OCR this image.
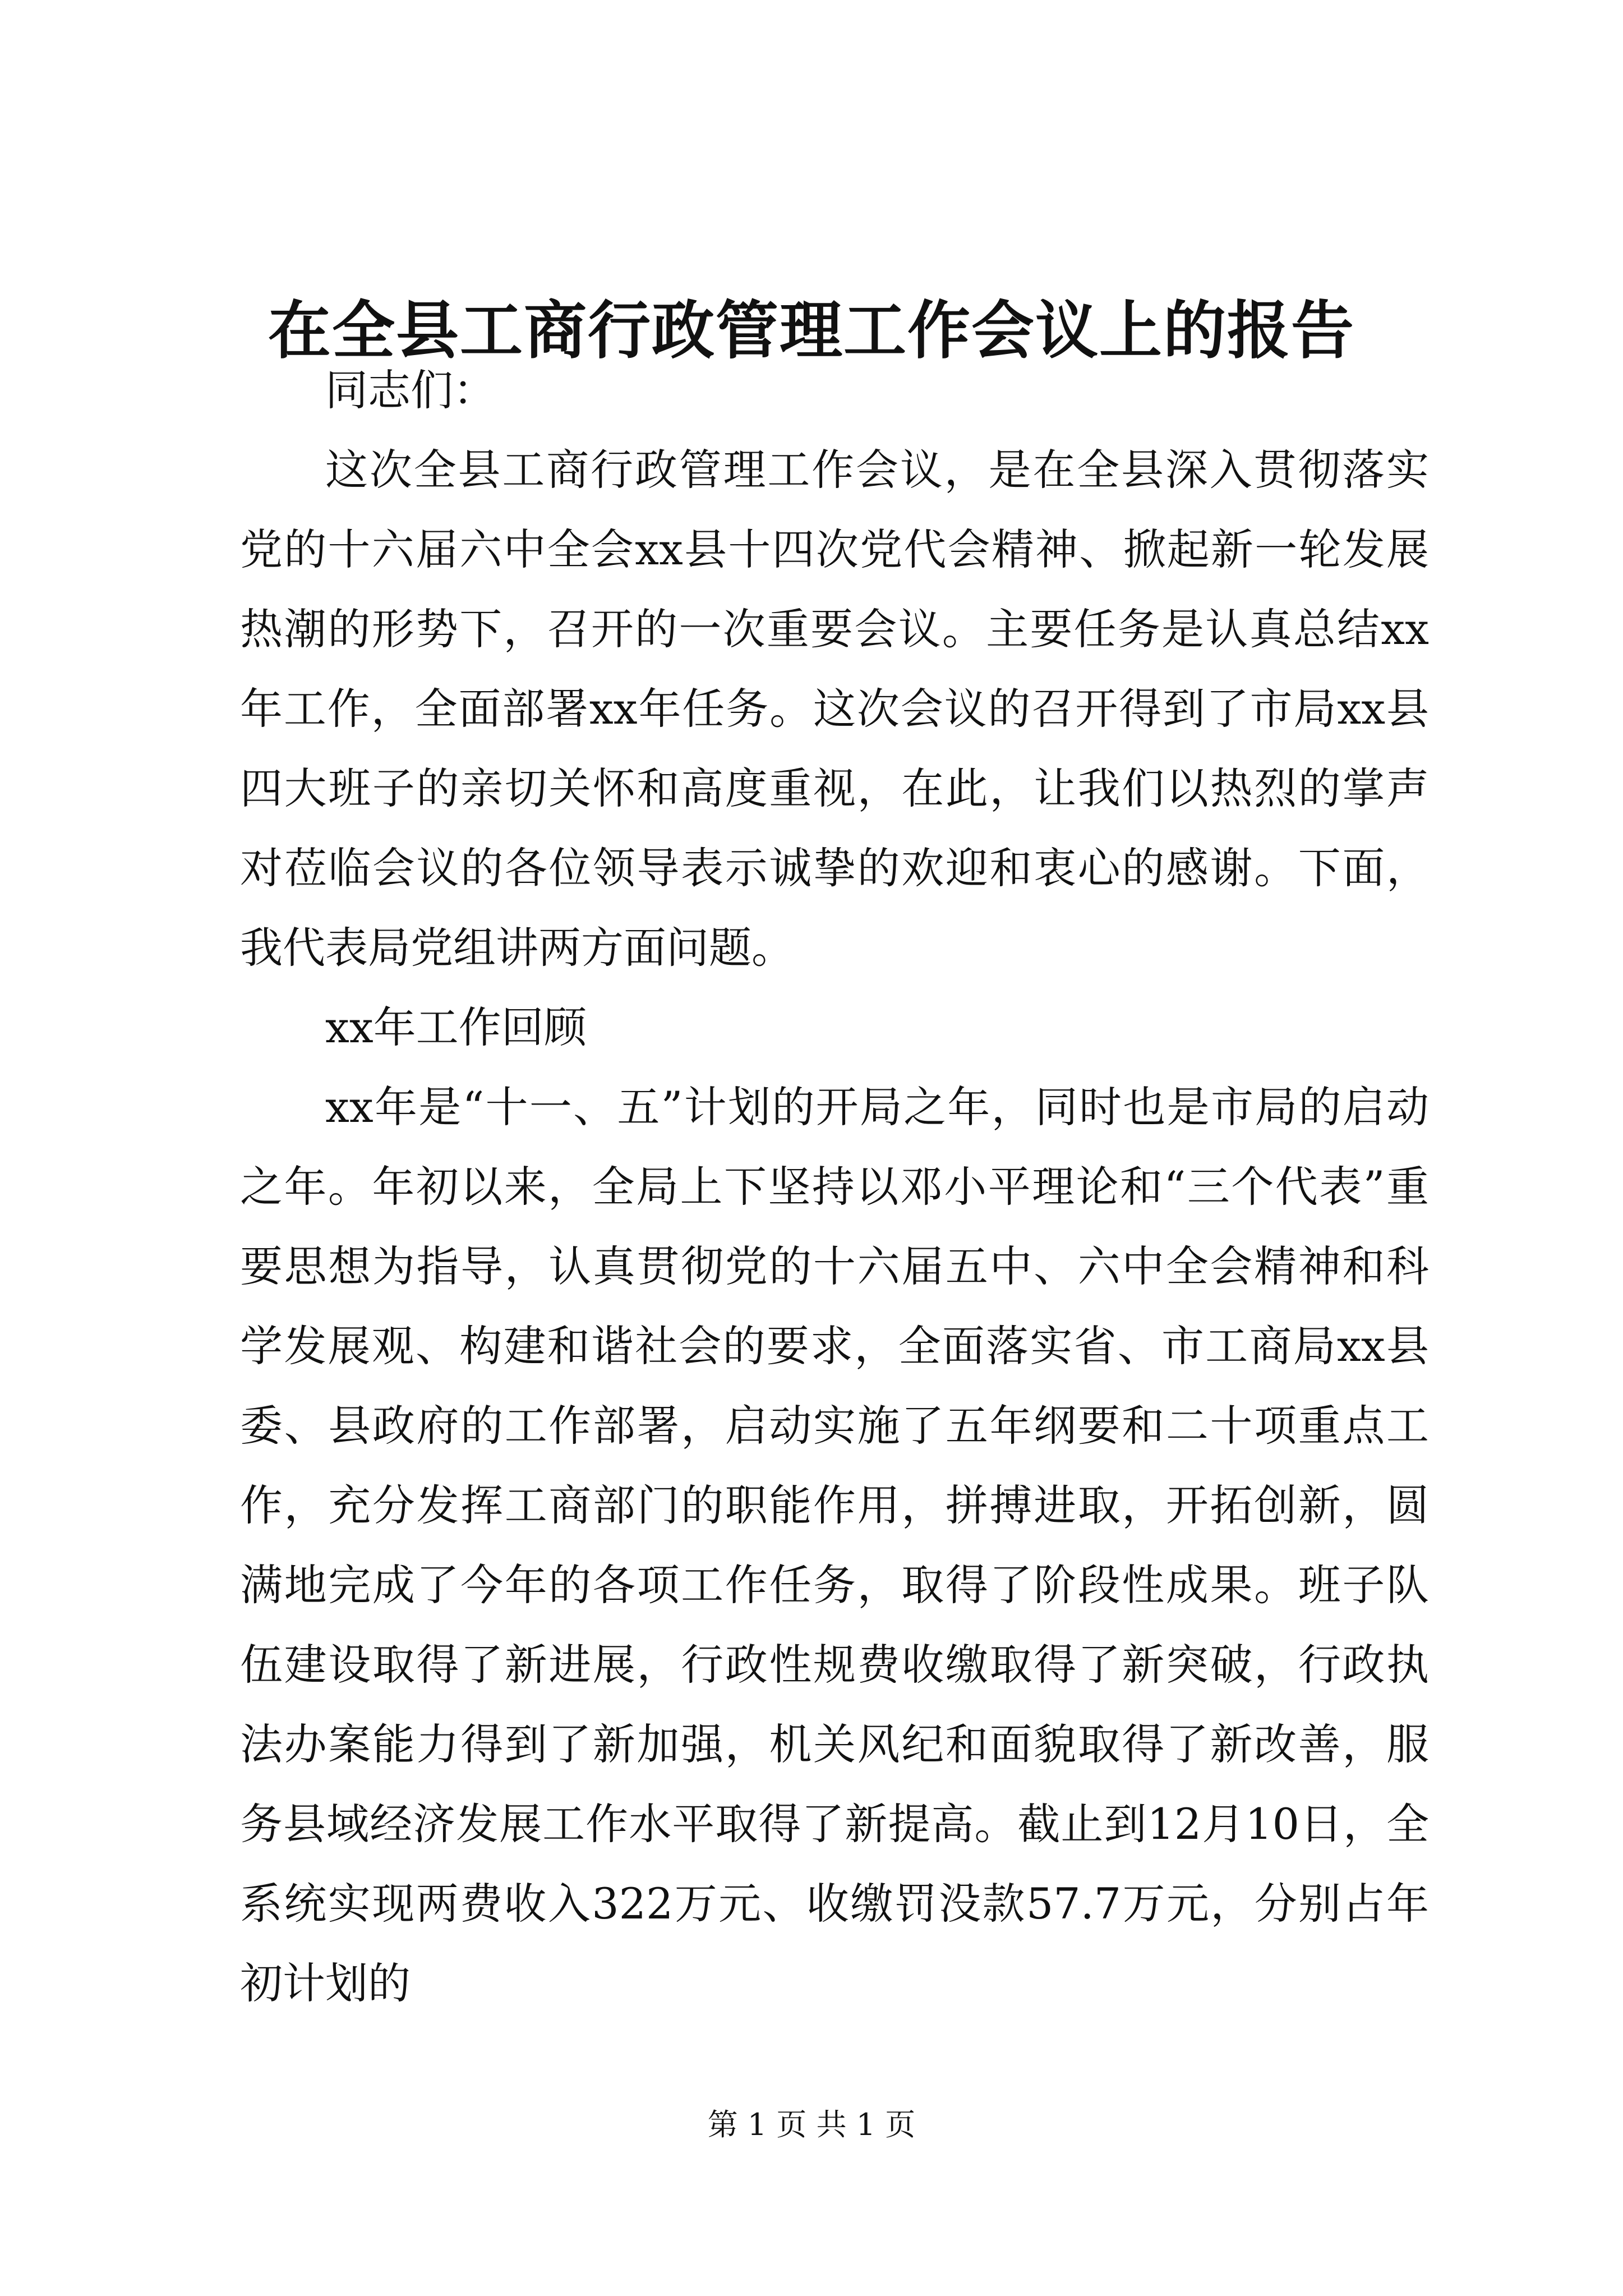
在全县工商行政管理工作会议上的报告

同志们：

这次全县工商行政管理工作会议，是在全县深入贯彻落实党的十六届六中全会xx县十四次党代会精神、掀起新一轮发展热潮的形势下，召开的一次重要会议。主要任务是认真总结xx年工作，全面部署xx年任务。这次会议的召开得到了市局xx县四大班子的亲切关怀和高度重视，在此，让我们以热烈的掌声对莅临会议的各位领导表示诚挚的欢迎和衷心的感谢。下面，我代表局党组讲两方面问题。

xx年工作回顾

xx年是“十一、五”计划的开局之年，同时也是市局的启动之年。年初以来，全局上下坚持以邓小平理论和“三个代表”重要思想为指导，认真贯彻党的十六届五中、六中全会精神和科学发展观、构建和谐社会的要求，全面落实省、市工商局xx县委、县政府的工作部署，启动实施了五年纲要和二十项重点工作，充分发挥工商部门的职能作用，拼搏进取，开拓创新，圆满地完成了今年的各项工作任务，取得了阶段性成果。班子队伍建设取得了新进展，行政性规费收缴取得了新突破，行政执法办案能力得到了新加强，机关风纪和面貌取得了新改善，服务县域经济发展工作水平取得了新提高。截止到12月10日，全系统实现两费收入322万元、收缴罚没款57.7万元，分别占年初计划的

第 1 页 共 1 页
